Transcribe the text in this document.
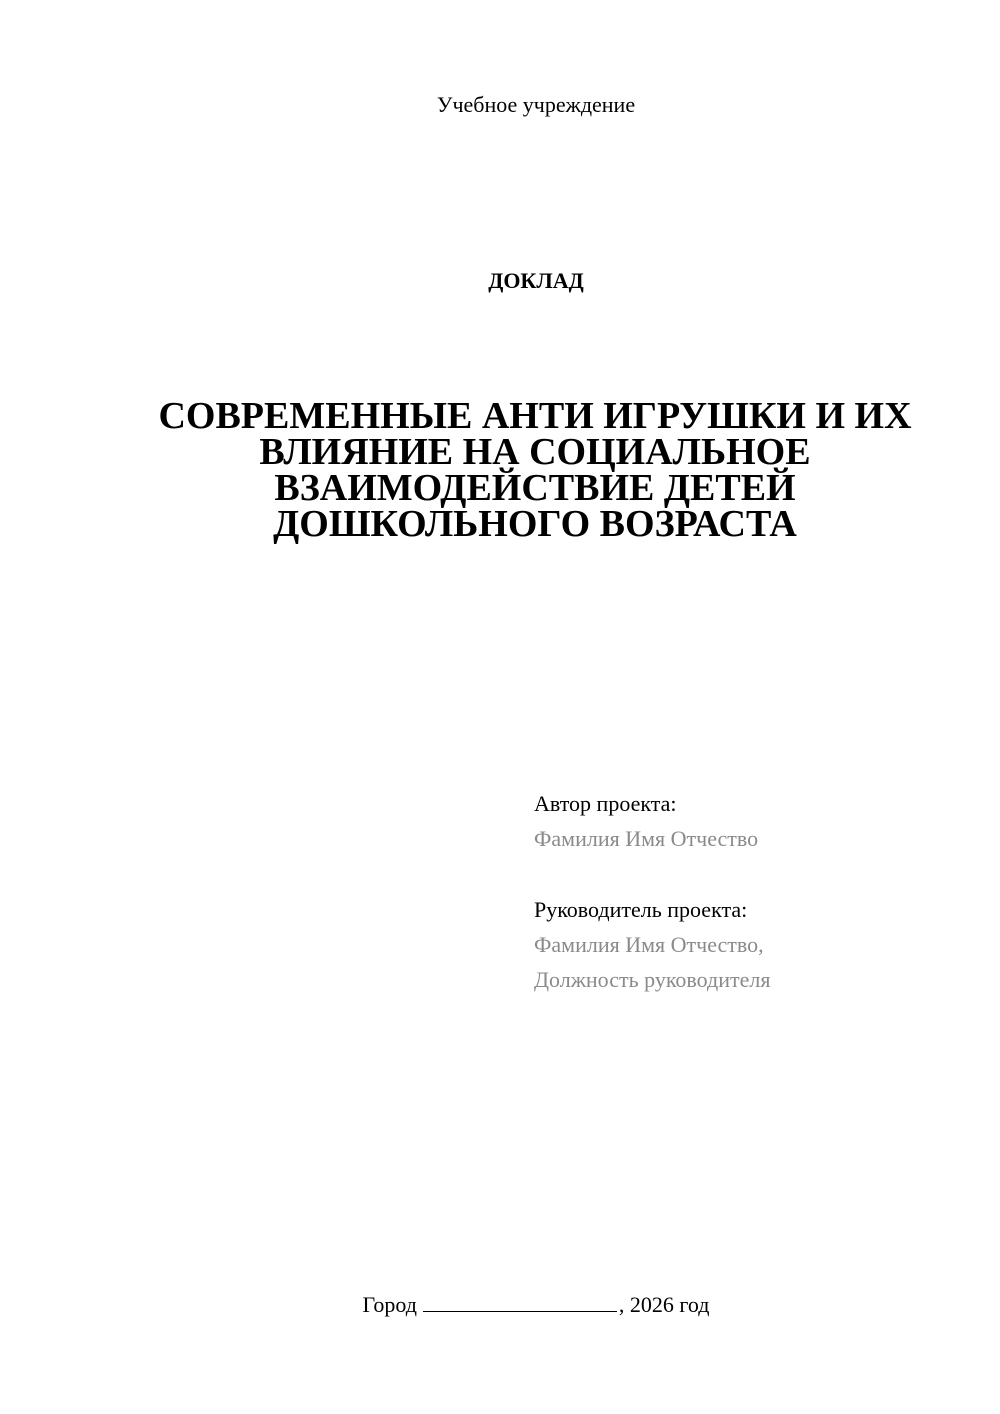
Учебное учреждение
ДОКЛАД
СОВРЕМЕННЫЕ АНТИ ИГРУШКИ И ИХ
ВЛИЯНИЕ НА СОЦИАЛЬНОЕ
ВЗАИМОДЕЙСТВИЕ ДЕТЕЙ
ДОШКОЛЬНОГО ВОЗРАСТА
Автор проекта:
Фамилия Имя Отчество
Руководитель проекта:
Фамилия Имя Отчество,
Должность руководителя
Город	, 2026 год
